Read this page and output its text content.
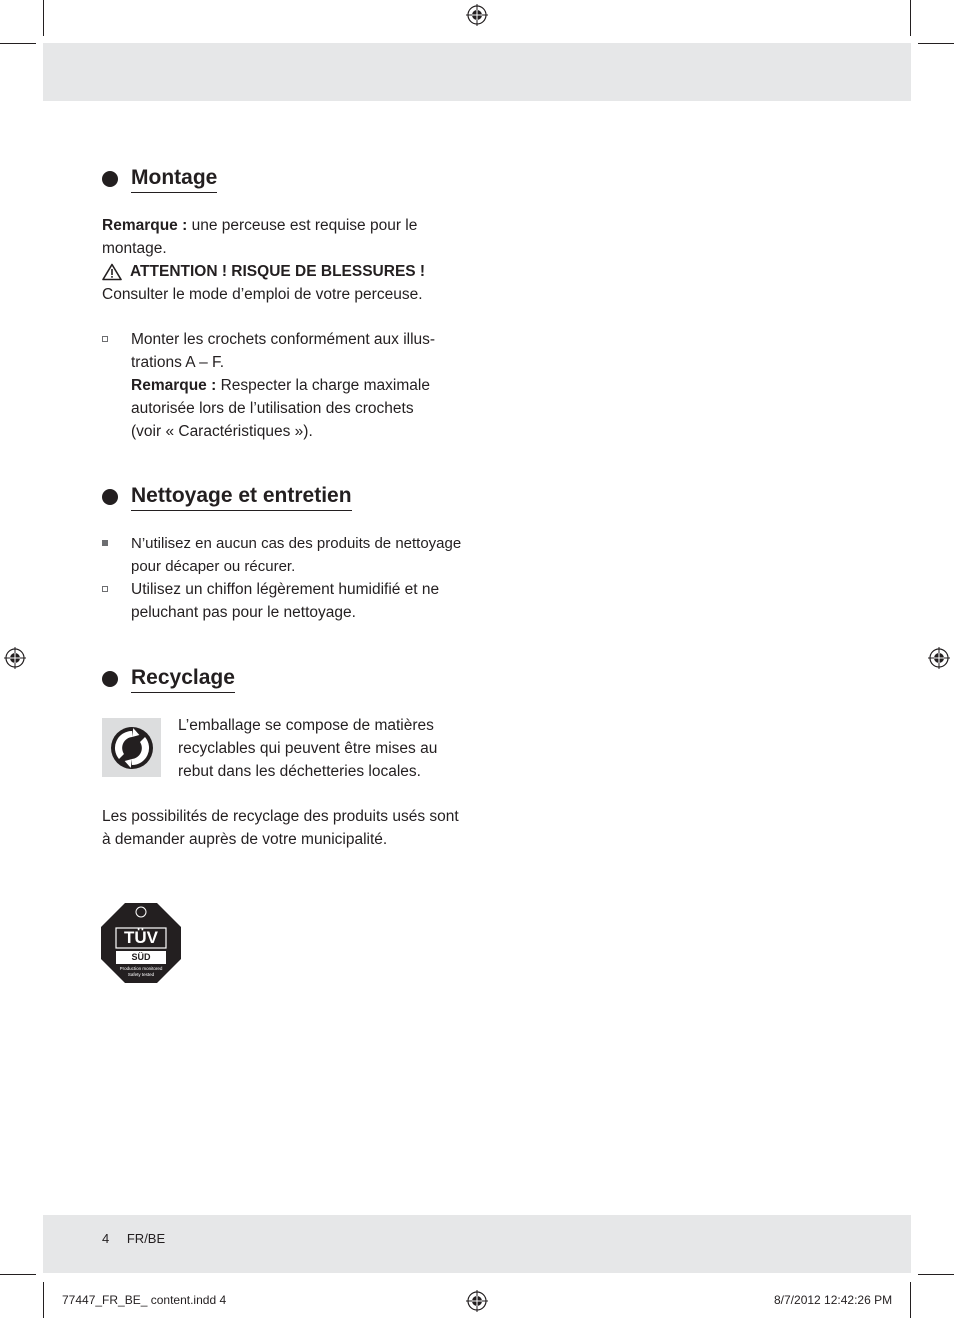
Montage
Remarque : une perceuse est requise pour le
montage.
ATTENTION ! RISQUE DE BLESSURES !
Consulter le mode d’emploi de votre perceuse.
Monter les crochets conformément aux illus-
trations A – F.
Remarque : Respecter la charge maximale
autorisée lors de l’utilisation des crochets
(voir « Caractéristiques »).
Nettoyage et entretien
N’utilisez en aucun cas des produits de nettoyage
pour décaper ou récurer.
Utilisez un chiffon légèrement humidifié et ne
peluchant pas pour le nettoyage.
Recyclage
L’emballage se compose de matières
recyclables qui peuvent être mises au
rebut dans les déchetteries locales.
Les possibilités de recyclage des produits usés sont
à demander auprès de votre municipalité.
TÜV
SÜD
Production monitored
Safety tested
4 FR/BE
77447_FR_BE_ content.indd 4	8/7/2012 12:42:26 PM
